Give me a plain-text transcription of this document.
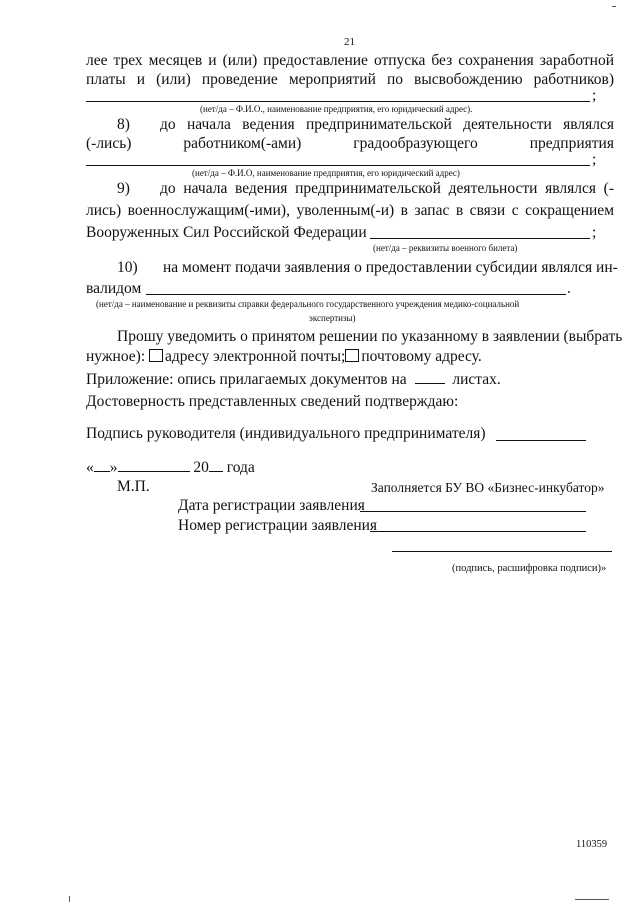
21
лее трех месяцев и (или) предоставление отпуска без сохранения заработной
платы и (или) проведение мероприятий по высвобождению работников)
;
(нет/да – Ф.И.О., наименование предприятия, его юридический адрес).
8) до начала ведения предпринимательской деятельности являлся
(-лись)	работником(-ами)	градообразующего	предприятия
;
(нет/да – Ф.И.О, наименование предприятия, его юридический адрес)
9) до начала ведения предпринимательской деятельности являлся (-
лись) военнослужащим(-ими), уволенным(-и) в запас в связи с сокращением
Вооруженных Сил Российской Федерации	;
(нет/да – реквизиты военного билета)
10) на момент подачи заявления о предоставлении субсидии являлся ин-
валидом	.
(нет/да – наименование и реквизиты справки федерального государственного учреждения медико-социальной
экспертизы)
Прошу уведомить о принятом решении по указанному в заявлении (выбрать
нужное): адресу электронной почты; почтовому адресу.
Приложение: опись прилагаемых документов на	листах.
Достоверность представленных сведений подтверждаю:
Подпись руководителя (индивидуального предпринимателя)
« »	20 года
М.П.	Заполняется БУ ВО «Бизнес-инкубатор»
Дата регистрации заявления
Номер регистрации заявления
(подпись, расшифровка подписи)»
110359
